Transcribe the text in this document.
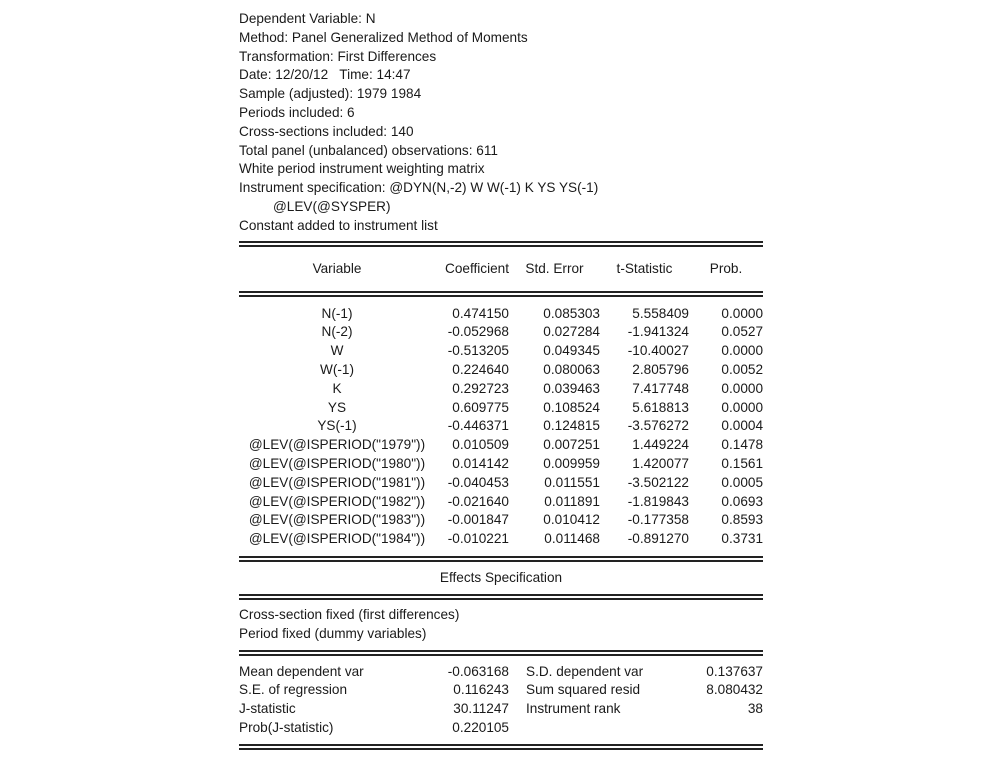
Dependent Variable: N
Method: Panel Generalized Method of Moments
Transformation: First Differences
Date: 12/20/12   Time: 14:47
Sample (adjusted): 1979 1984
Periods included: 6
Cross-sections included: 140
Total panel (unbalanced) observations: 611
White period instrument weighting matrix
Instrument specification: @DYN(N,-2) W W(-1) K YS YS(-1)
@LEV(@SYSPER)
Constant added to instrument list
Variable	Coefficient	Std. Error	t-Statistic	Prob.
N(-1)	0.474150	0.085303	5.558409	0.0000
N(-2)	-0.052968	0.027284	-1.941324	0.0527
W	-0.513205	0.049345	-10.40027	0.0000
W(-1)	0.224640	0.080063	2.805796	0.0052
K	0.292723	0.039463	7.417748	0.0000
YS	0.609775	0.108524	5.618813	0.0000
YS(-1)	-0.446371	0.124815	-3.576272	0.0004
@LEV(@ISPERIOD("1979"))	0.010509	0.007251	1.449224	0.1478
@LEV(@ISPERIOD("1980"))	0.014142	0.009959	1.420077	0.1561
@LEV(@ISPERIOD("1981"))	-0.040453	0.011551	-3.502122	0.0005
@LEV(@ISPERIOD("1982"))	-0.021640	0.011891	-1.819843	0.0693
@LEV(@ISPERIOD("1983"))	-0.001847	0.010412	-0.177358	0.8593
@LEV(@ISPERIOD("1984"))	-0.010221	0.011468	-0.891270	0.3731
Effects Specification
Cross-section fixed (first differences)
Period fixed (dummy variables)
Mean dependent var	-0.063168	S.D. dependent var	0.137637
S.E. of regression	0.116243	Sum squared resid	8.080432
J-statistic	30.11247	Instrument rank	38
Prob(J-statistic)	0.220105		
